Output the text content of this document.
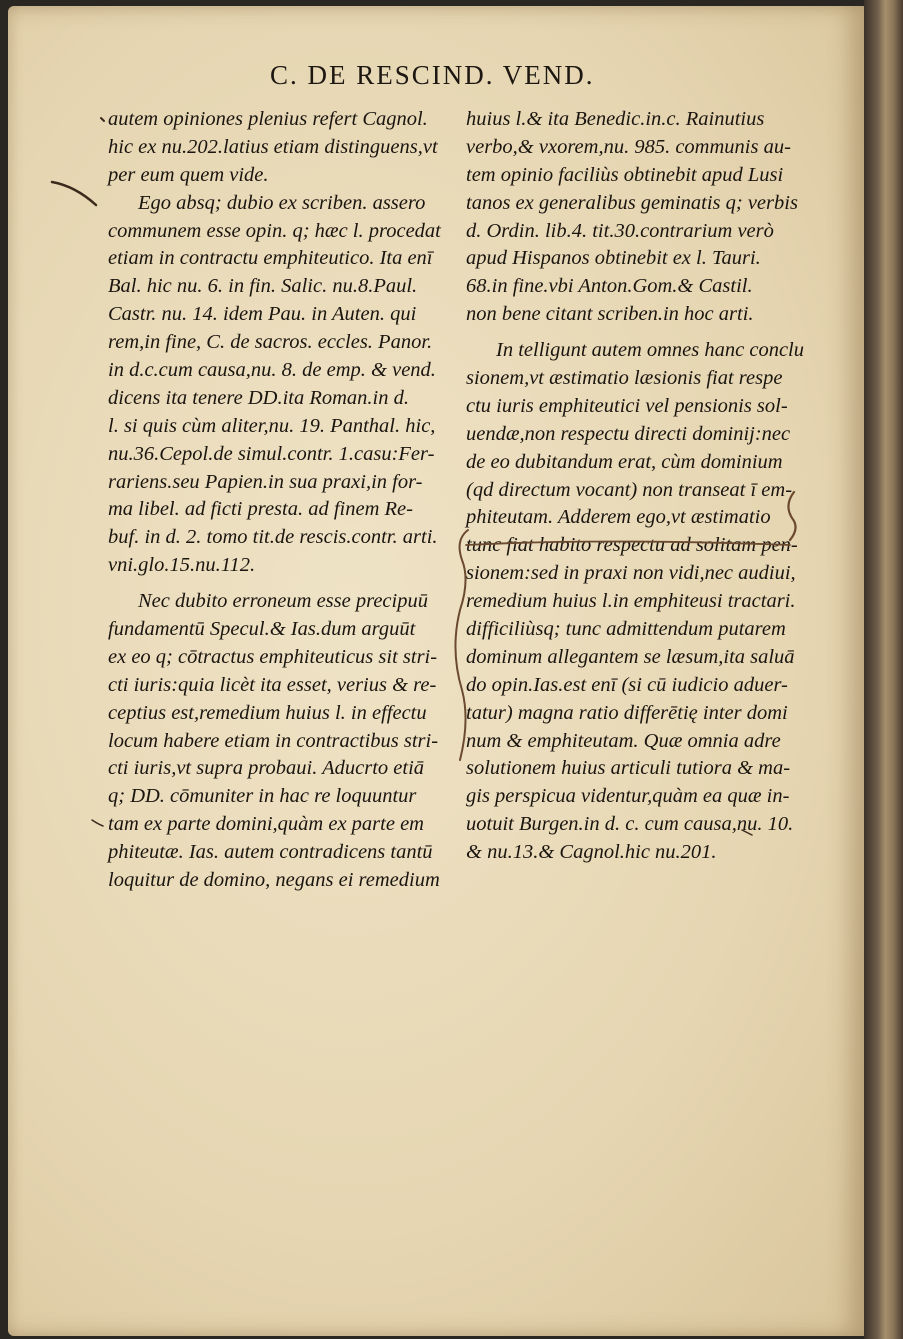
C. DE RESCIND. VEND.
autem opiniones plenius refert Cagnol.
hic ex nu.202.latius etiam distinguens,vt
per eum quem vide.
Ego absq; dubio ex scriben. assero
communem esse opin. q; hæc l. procedat
etiam in contractu emphiteutico. Ita enī
Bal. hic nu. 6. in fin. Salic. nu.8.Paul.
Castr. nu. 14. idem Pau. in Auten. qui
rem,in fine, C. de sacros. eccles. Panor.
in d.c.cum causa,nu. 8. de emp. & vend.
dicens ita tenere DD.ita Roman.in d.
l. si quis cùm aliter,nu. 19. Panthal. hic,
nu.36.Cepol.de simul.contr. 1.casu:Fer-
rariens.seu Papien.in sua praxi,in for-
ma libel. ad ficti presta. ad finem Re-
buf. in d. 2. tomo tit.de rescis.contr. arti.
vni.glo.15.nu.112.
Nec dubito erroneum esse precipuū
fundamentū Specul.& Ias.dum arguūt
ex eo q; cōtractus emphiteuticus sit stri-
cti iuris:quia licèt ita esset, verius & re-
ceptius est,remedium huius l. in effectu
locum habere etiam in contractibus stri-
cti iuris,vt supra probaui. Aducrto etiā
q; DD. cōmuniter in hac re loquuntur
tam ex parte domini,quàm ex parte em
phiteutæ. Ias. autem contradicens tantū
loquitur de domino, negans ei remedium
huius l.& ita Benedic.in.c. Rainutius
verbo,& vxorem,nu. 985. communis au-
tem opinio faciliùs obtinebit apud Lusi
tanos ex generalibus geminatis q; verbis
d. Ordin. lib.4. tit.30.contrarium verò
apud Hispanos obtinebit ex l. Tauri.
68.in fine.vbi Anton.Gom.& Castil.
non bene citant scriben.in hoc arti.
In telligunt autem omnes hanc conclu
sionem,vt æstimatio læsionis fiat respe
ctu iuris emphiteutici vel pensionis sol-
uendæ,non respectu directi dominij:nec
de eo dubitandum erat, cùm dominium
(qd directum vocant) non transeat ī em-
phiteutam. Adderem ego,vt æstimatio
tunc fiat habito respectu ad solitam pen-
sionem:sed in praxi non vidi,nec audiui,
remedium huius l.in emphiteusi tractari.
difficiliùsq; tunc admittendum putarem
dominum allegantem se læsum,ita saluā
do opin.Ias.est enī (si cū iudicio aduer-
tatur) magna ratio differētię inter domi
num & emphiteutam. Quæ omnia adre
solutionem huius articuli tutiora & ma-
gis perspicua videntur,quàm ea quæ in-
uotuit Burgen.in d. c. cum causa,nu. 10.
& nu.13.& Cagnol.hic nu.201.
